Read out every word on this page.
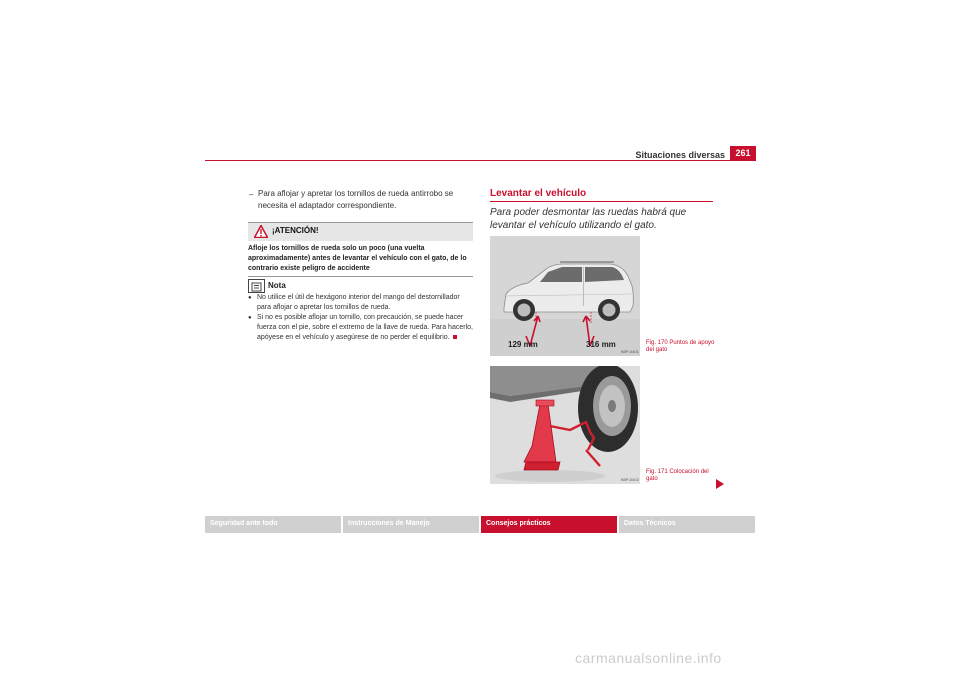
Situaciones diversas	261
– Para aflojar y apretar los tornillos de rueda antirrobo se necesita el adaptador correspondiente.
¡ATENCIÓN!
Afloje los tornillos de rueda solo un poco (una vuelta aproximadamente) antes de levantar el vehículo con el gato, de lo contrario existe peligro de accidente
Nota
● No utilice el útil de hexágono interior del mango del destornillador para aflojar o apretar los tornillos de rueda.
● Si no es posible aflojar un tornillo, con precaución, se puede hacer fuerza con el pie, sobre el extremo de la llave de rueda. Para hacerlo, apóyese en el vehículo y asegúrese de no perder el equilibrio.
Levantar el vehículo
Para poder desmontar las ruedas habrá que levantar el vehículo utilizando el gato.
129 mm	316 mm
B5P-0401
Fig. 170 Puntos de apoyo del gato
B5P-0402
Fig. 171 Colocación del gato
Seguridad ante todo	Instrucciones de Manejo	Consejos prácticos	Datos Técnicos
carmanualsonline.info
